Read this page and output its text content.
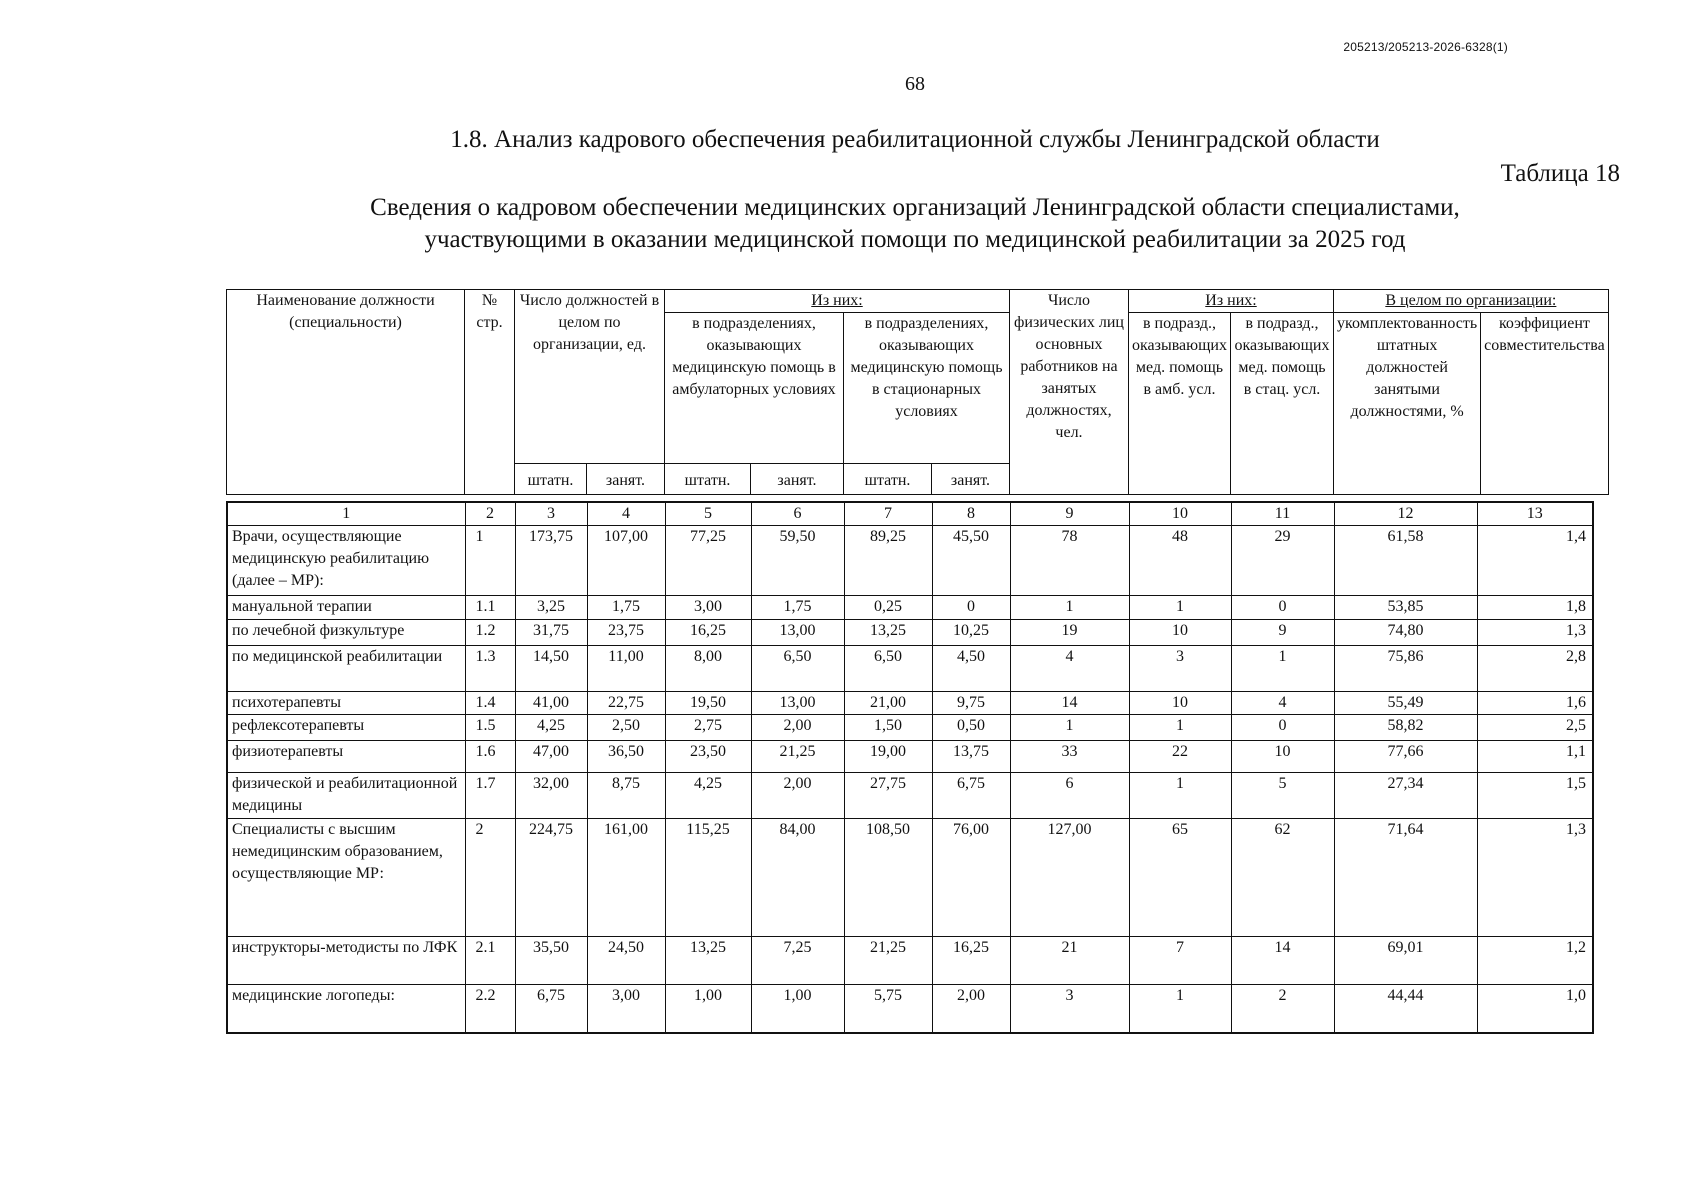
205213/205213-2026-6328(1)
68
1.8. Анализ кадрового обеспечения реабилитационной службы Ленинградской области
Таблица 18
Сведения о кадровом обеспечении медицинских организаций Ленинградской области специалистами,
участвующими в оказании медицинской помощи по медицинской реабилитации за 2025 год
Наименование должности (специальности)	№ стр.	Число должностей в целом по организации, ед.		Из них:				Число физических лиц основных работников на занятых должностях, чел.	Из них:		В целом по организации:	
				в подразделениях, оказывающих медицинскую помощь в амбулаторных условиях		в подразделениях, оказывающих медицинскую помощь в стационарных условиях			в подразд., оказывающих мед. помощь в амб. усл.	в подразд., оказывающих мед. помощь в стац. усл.	укомплектованность штатных должностей занятыми должностями, %	коэффициент совместительства
		штатн.	занят.	штатн.	занят.	штатн.	занят.					
1	2	3	4	5	6	7	8	9	10	11	12	13
Врачи, осуществляющие медицинскую реабилитацию (далее – МР):	1	173,75	107,00	77,25	59,50	89,25	45,50	78	48	29	61,58	1,4
мануальной терапии	1.1	3,25	1,75	3,00	1,75	0,25	0	1	1	0	53,85	1,8
по лечебной физкультуре	1.2	31,75	23,75	16,25	13,00	13,25	10,25	19	10	9	74,80	1,3
по медицинской реабилитации	1.3	14,50	11,00	8,00	6,50	6,50	4,50	4	3	1	75,86	2,8
психотерапевты	1.4	41,00	22,75	19,50	13,00	21,00	9,75	14	10	4	55,49	1,6
рефлексотерапевты	1.5	4,25	2,50	2,75	2,00	1,50	0,50	1	1	0	58,82	2,5
физиотерапевты	1.6	47,00	36,50	23,50	21,25	19,00	13,75	33	22	10	77,66	1,1
физической и реабилитационной медицины	1.7	32,00	8,75	4,25	2,00	27,75	6,75	6	1	5	27,34	1,5
Специалисты с высшим немедицинским образованием, осуществляющие МР:	2	224,75	161,00	115,25	84,00	108,50	76,00	127,00	65	62	71,64	1,3
инструкторы-методисты по ЛФК	2.1	35,50	24,50	13,25	7,25	21,25	16,25	21	7	14	69,01	1,2
медицинские логопеды:	2.2	6,75	3,00	1,00	1,00	5,75	2,00	3	1	2	44,44	1,0
